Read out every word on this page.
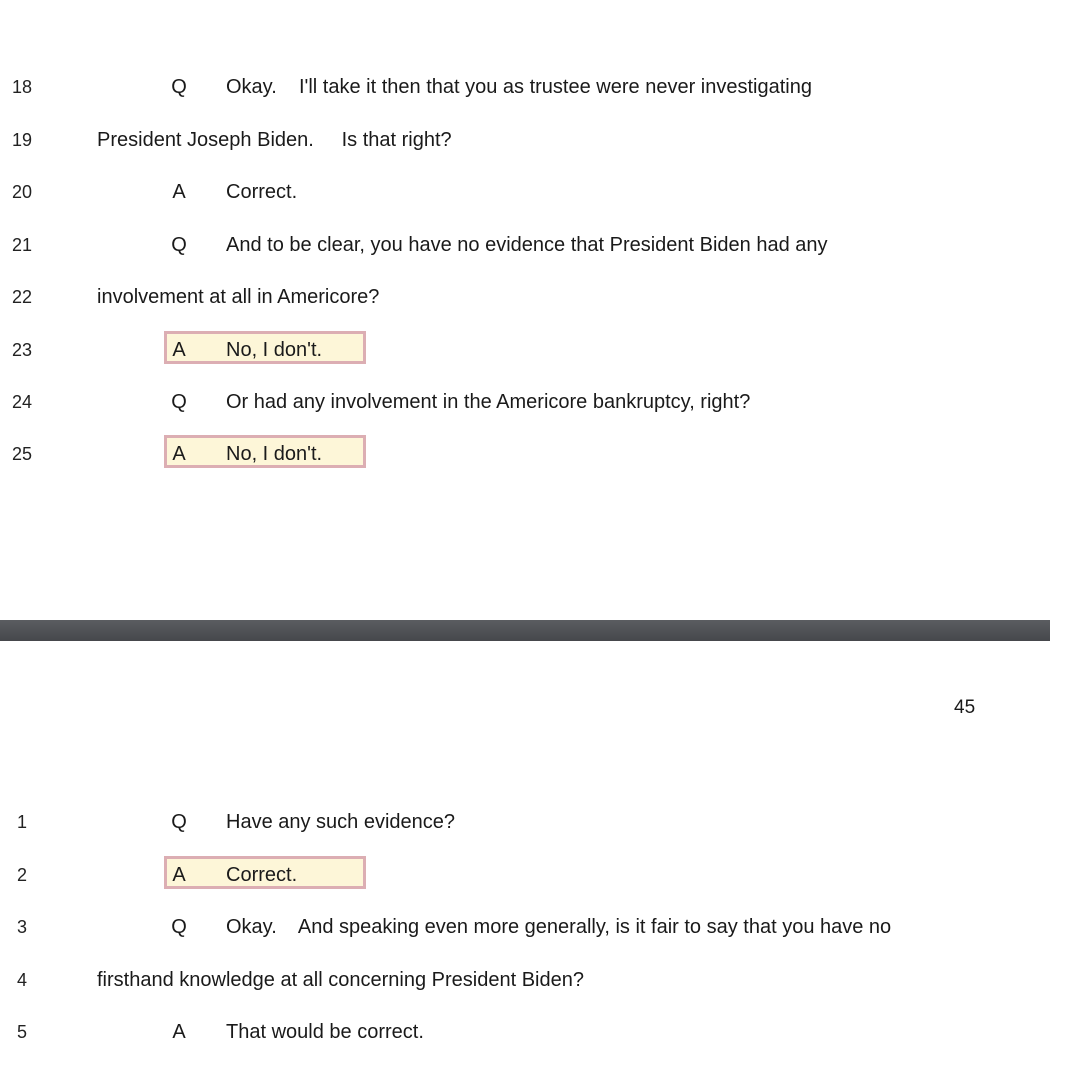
18	Q Okay.    I'll take it then that you as trustee were never investigating
19	President Joseph Biden.     Is that right?
20	A Correct.
21	Q And to be clear, you have no evidence that President Biden had any
22	involvement at all in Americore?
23	A No, I don't.
24	Q Or had any involvement in the Americore bankruptcy, right?
25	A No, I don't.
45
1	Q Have any such evidence?
2	A Correct.
3	Q Okay.    And speaking even more generally, is it fair to say that you have no
4	firsthand knowledge at all concerning President Biden?
5	A That would be correct.
